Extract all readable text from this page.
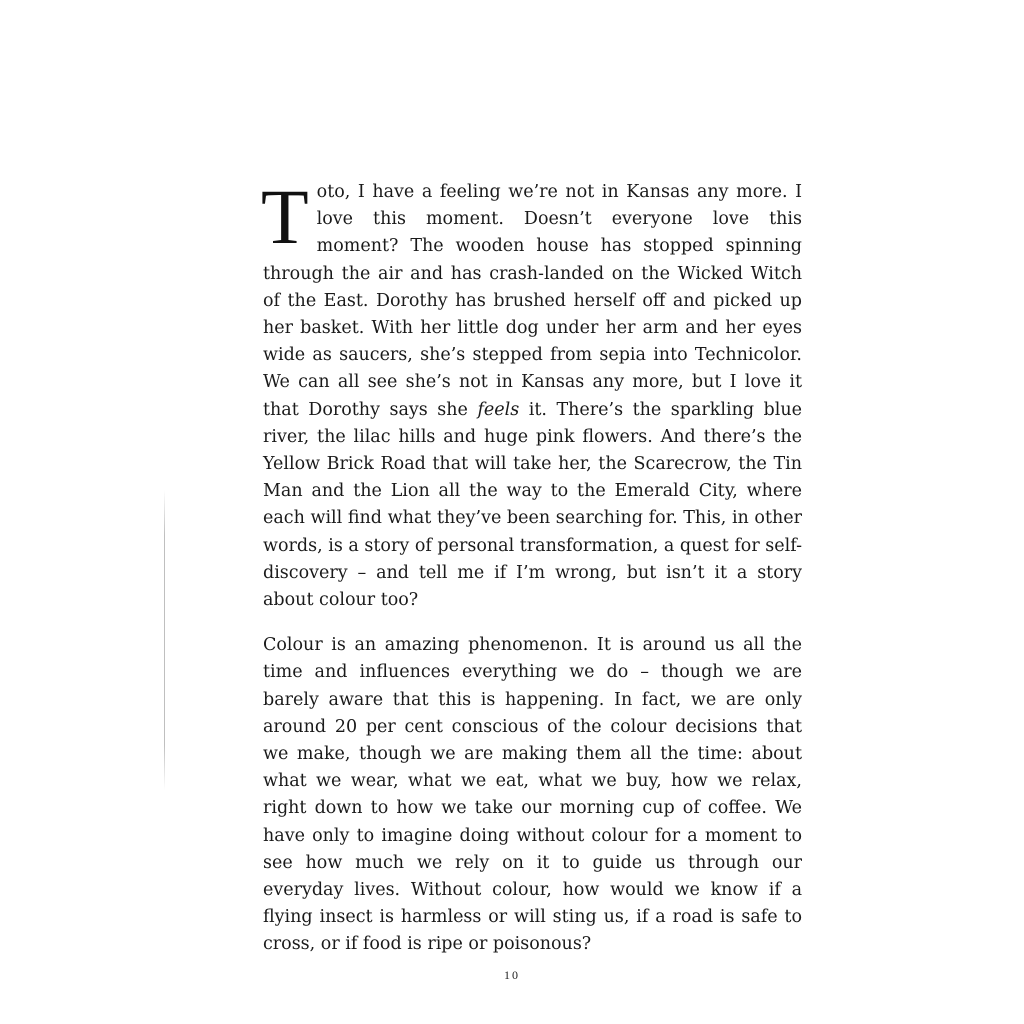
Toto, I have a feeling we’re not in Kansas any more. I love this moment. Doesn’t everyone love this moment? The wooden house has stopped spinning through the air and has crash-landed on the Wicked Witch of the East. Dorothy has brushed herself off and picked up her basket. With her little dog under her arm and her eyes wide as saucers, she’s stepped from sepia into Technicolor. We can all see she’s not in Kansas any more, but I love it that Dorothy says she feels it. There’s the sparkling blue river, the lilac hills and huge pink flowers. And there’s the Yellow Brick Road that will take her, the Scarecrow, the Tin Man and the Lion all the way to the Emerald City, where each will find what they’ve been searching for. This, in other words, is a story of personal transformation, a quest for self-discovery – and tell me if I’m wrong, but isn’t it a story about colour too?

Colour is an amazing phenomenon. It is around us all the time and influences everything we do – though we are barely aware that this is happening. In fact, we are only around 20 per cent conscious of the colour decisions that we make, though we are making them all the time: about what we wear, what we eat, what we buy, how we relax, right down to how we take our morning cup of coffee. We have only to imagine doing without colour for a moment to see how much we rely on it to guide us through our everyday lives. Without colour, how would we know if a flying insect is harmless or will sting us, if a road is safe to cross, or if food is ripe or poisonous?

10
